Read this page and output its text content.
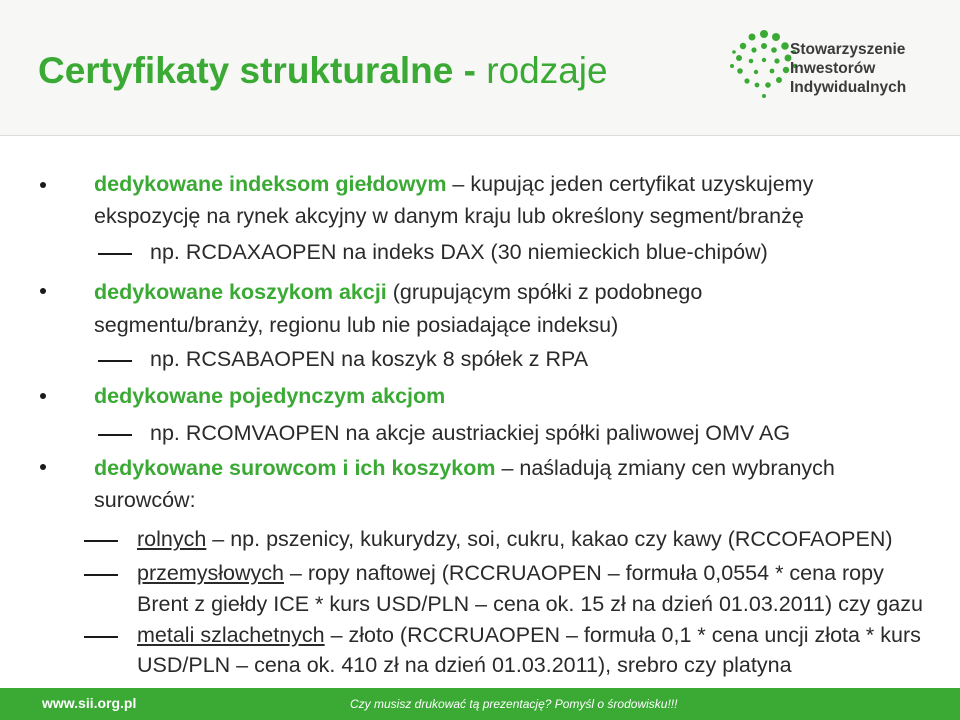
Certyfikaty strukturalne - rodzaje
Stowarzyszenie
Inwestorów
Indywidualnych
dedykowane indeksom giełdowym – kupując jeden certyfikat uzyskujemy
ekspozycję na rynek akcyjny w danym kraju lub określony segment/branżę
np. RCDAXAOPEN na indeks DAX (30 niemieckich blue-chipów)
dedykowane koszykom akcji (grupującym spółki z podobnego
segmentu/branży, regionu lub nie posiadające indeksu)
np. RCSABAOPEN na koszyk 8 spółek z RPA
dedykowane pojedynczym akcjom
np. RCOMVAOPEN na akcje austriackiej spółki paliwowej OMV AG
dedykowane surowcom i ich koszykom – naśladują zmiany cen wybranych
surowców:
rolnych – np. pszenicy, kukurydzy, soi, cukru, kakao czy kawy (RCCOFAOPEN)
przemysłowych – ropy naftowej (RCCRUAOPEN – formuła 0,0554 * cena ropy
Brent z giełdy ICE * kurs USD/PLN – cena ok. 15 zł na dzień 01.03.2011) czy gazu
metali szlachetnych – złoto (RCCRUAOPEN – formuła 0,1 * cena uncji złota * kurs
USD/PLN – cena ok. 410 zł na dzień 01.03.2011), srebro czy platyna
www.sii.org.pl	Czy musisz drukować tą prezentację? Pomyśl o środowisku!!!	7
